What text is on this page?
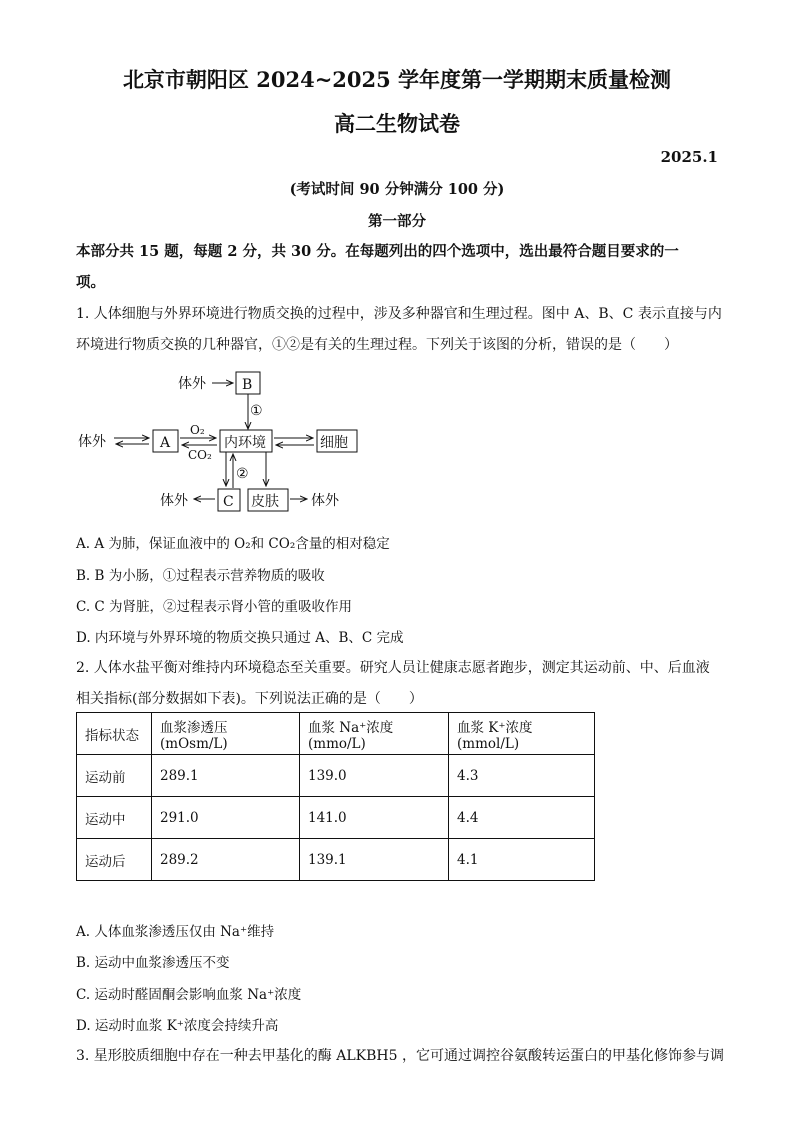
北京市朝阳区 2024~2025 学年度第一学期期末质量检测
高二生物试卷
2025.1
(考试时间 90 分钟满分 100 分)
第一部分
本部分共 15 题，每题 2 分，共 30 分。在每题列出的四个选项中，选出最符合题目要求的一
项。
1. 人体细胞与外界环境进行物质交换的过程中，涉及多种器官和生理过程。图中 A、B、C 表示直接与内
环境进行物质交换的几种器官，①②是有关的生理过程。下列关于该图的分析，错误的是（　　）
体外	B
①
体外	A
O₂
CO₂
内环境	细胞
②
体外	C 皮肤 体外
A. A 为肺，保证血液中的 O₂和 CO₂含量的相对稳定
B. B 为小肠，①过程表示营养物质的吸收
C. C 为肾脏，②过程表示肾小管的重吸收作用
D. 内环境与外界环境的物质交换只通过 A、B、C 完成
2. 人体水盐平衡对维持内环境稳态至关重要。研究人员让健康志愿者跑步，测定其运动前、中、后血液
相关指标(部分数据如下表)。下列说法正确的是（　　）
指标状态	血浆渗透压(mOsm/L)	血浆 Na⁺浓度(mmo/L)	血浆 K⁺浓度(mmol/L)
运动前	289.1	139.0	4.3
运动中	291.0	141.0	4.4
运动后	289.2	139.1	4.1
A. 人体血浆渗透压仅由 Na⁺维持
B. 运动中血浆渗透压不变
C. 运动时醛固酮会影响血浆 Na⁺浓度
D. 运动时血浆 K⁺浓度会持续升高
3. 星形胶质细胞中存在一种去甲基化的酶 ALKBH5 ，它可通过调控谷氨酸转运蛋白的甲基化修饰参与调
